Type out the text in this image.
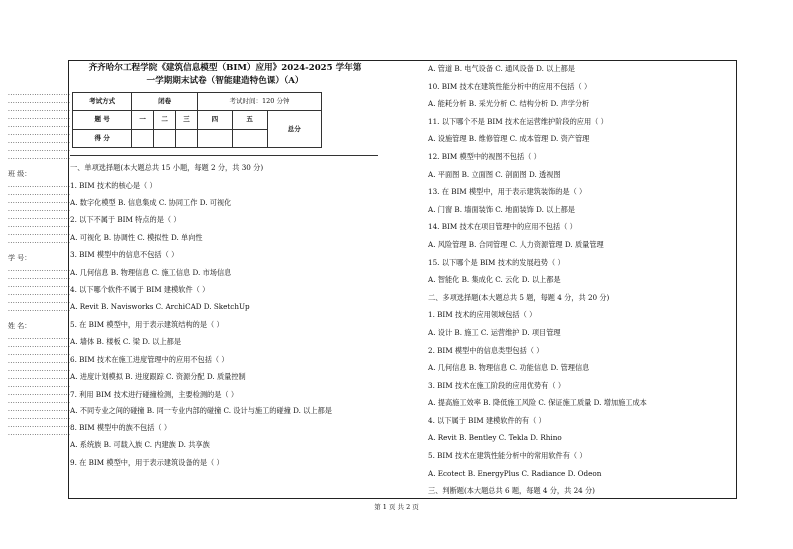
··························
··························
··························
··························
··························
··························
··························
··························
··························
班 级：
··························
··························
··························
··························
··························
··························
··························
··························
学 号：
··························
··························
··························
··························
··························
··························
姓 名：
··························
··························
··························
··························
··························
··························
··························
··························
··························
··························
··························
··························
··························
齐齐哈尔工程学院《建筑信息模型（BIM）应用》2024-2025 学年第
一学期期末试卷（智能建造特色课）（A）
考试方式	闭卷			考试时间：120 分钟		
题 号	一	二	三	四	五	总分
得 分						
一、单项选择题(本大题总共 15 小题，每题 2 分，共 30 分)
1. BIM 技术的核心是（ ）
A. 数字化模型 B. 信息集成 C. 协同工作 D. 可视化
2. 以下不属于 BIM 特点的是（ ）
A. 可视化 B. 协调性 C. 模拟性 D. 单向性
3. BIM 模型中的信息不包括（ ）
A. 几何信息 B. 物理信息 C. 施工信息 D. 市场信息
4. 以下哪个软件不属于 BIM 建模软件（ ）
A. Revit B. Navisworks C. ArchiCAD D. SketchUp
5. 在 BIM 模型中，用于表示建筑结构的是（ ）
A. 墙体 B. 楼板 C. 梁 D. 以上都是
6. BIM 技术在施工进度管理中的应用不包括（ ）
A. 进度计划模拟 B. 进度跟踪 C. 资源分配 D. 质量控制
7. 利用 BIM 技术进行碰撞检测，主要检测的是（ ）
A. 不同专业之间的碰撞 B. 同一专业内部的碰撞 C. 设计与施工的碰撞 D. 以上都是
8. BIM 模型中的族不包括（ ）
A. 系统族 B. 可载入族 C. 内建族 D. 共享族
9. 在 BIM 模型中，用于表示建筑设备的是（ ）
A. 管道 B. 电气设备 C. 通风设备 D. 以上都是
10. BIM 技术在建筑性能分析中的应用不包括（ ）
A. 能耗分析 B. 采光分析 C. 结构分析 D. 声学分析
11. 以下哪个不是 BIM 技术在运营维护阶段的应用（ ）
A. 设施管理 B. 维修管理 C. 成本管理 D. 资产管理
12. BIM 模型中的视图不包括（ ）
A. 平面图 B. 立面图 C. 剖面图 D. 透视图
13. 在 BIM 模型中，用于表示建筑装饰的是（ ）
A. 门窗 B. 墙面装饰 C. 地面装饰 D. 以上都是
14. BIM 技术在项目管理中的应用不包括（ ）
A. 风险管理 B. 合同管理 C. 人力资源管理 D. 质量管理
15. 以下哪个是 BIM 技术的发展趋势（ ）
A. 智能化 B. 集成化 C. 云化 D. 以上都是
二、多项选择题(本大题总共 5 题，每题 4 分，共 20 分)
1. BIM 技术的应用领域包括（ ）
A. 设计 B. 施工 C. 运营维护 D. 项目管理
2. BIM 模型中的信息类型包括（ ）
A. 几何信息 B. 物理信息 C. 功能信息 D. 管理信息
3. BIM 技术在施工阶段的应用优势有（ ）
A. 提高施工效率 B. 降低施工风险 C. 保证施工质量 D. 增加施工成本
4. 以下属于 BIM 建模软件的有（ ）
A. Revit B. Bentley C. Tekla D. Rhino
5. BIM 技术在建筑性能分析中的常用软件有（ ）
A. Ecotect B. EnergyPlus C. Radiance D. Odeon
三、判断题(本大题总共 6 题，每题 4 分，共 24 分)
第 1 页 共 2 页
